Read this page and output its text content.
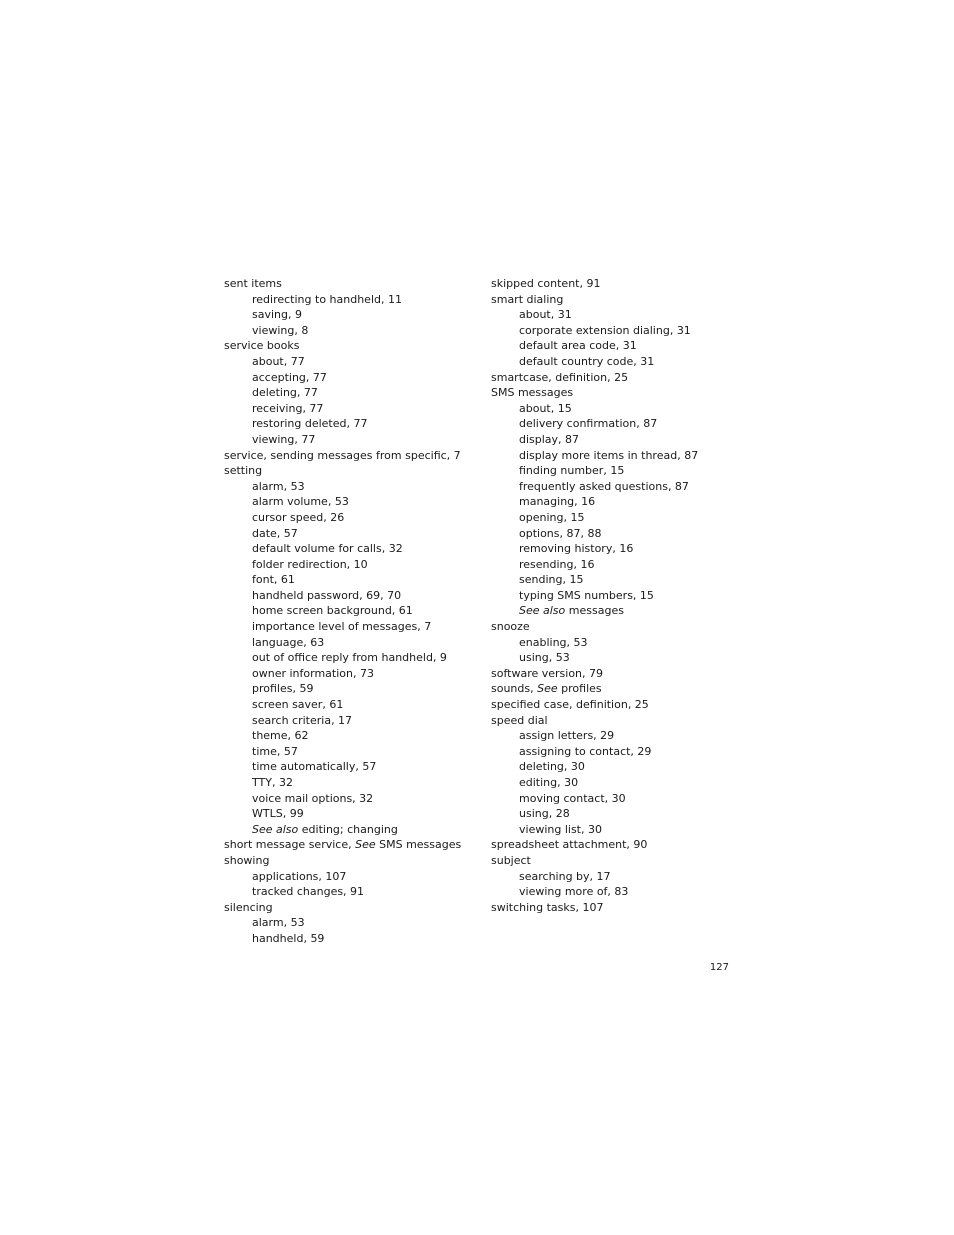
sent items
redirecting to handheld, 11
saving, 9
viewing, 8
service books
about, 77
accepting, 77
deleting, 77
receiving, 77
restoring deleted, 77
viewing, 77
service, sending messages from specific, 7
setting
alarm, 53
alarm volume, 53
cursor speed, 26
date, 57
default volume for calls, 32
folder redirection, 10
font, 61
handheld password, 69, 70
home screen background, 61
importance level of messages, 7
language, 63
out of office reply from handheld, 9
owner information, 73
profiles, 59
screen saver, 61
search criteria, 17
theme, 62
time, 57
time automatically, 57
TTY, 32
voice mail options, 32
WTLS, 99
See also editing; changing
short message service, See SMS messages
showing
applications, 107
tracked changes, 91
silencing
alarm, 53
handheld, 59
skipped content, 91
smart dialing
about, 31
corporate extension dialing, 31
default area code, 31
default country code, 31
smartcase, definition, 25
SMS messages
about, 15
delivery confirmation, 87
display, 87
display more items in thread, 87
finding number, 15
frequently asked questions, 87
managing, 16
opening, 15
options, 87, 88
removing history, 16
resending, 16
sending, 15
typing SMS numbers, 15
See also messages
snooze
enabling, 53
using, 53
software version, 79
sounds, See profiles
specified case, definition, 25
speed dial
assign letters, 29
assigning to contact, 29
deleting, 30
editing, 30
moving contact, 30
using, 28
viewing list, 30
spreadsheet attachment, 90
subject
searching by, 17
viewing more of, 83
switching tasks, 107
127
